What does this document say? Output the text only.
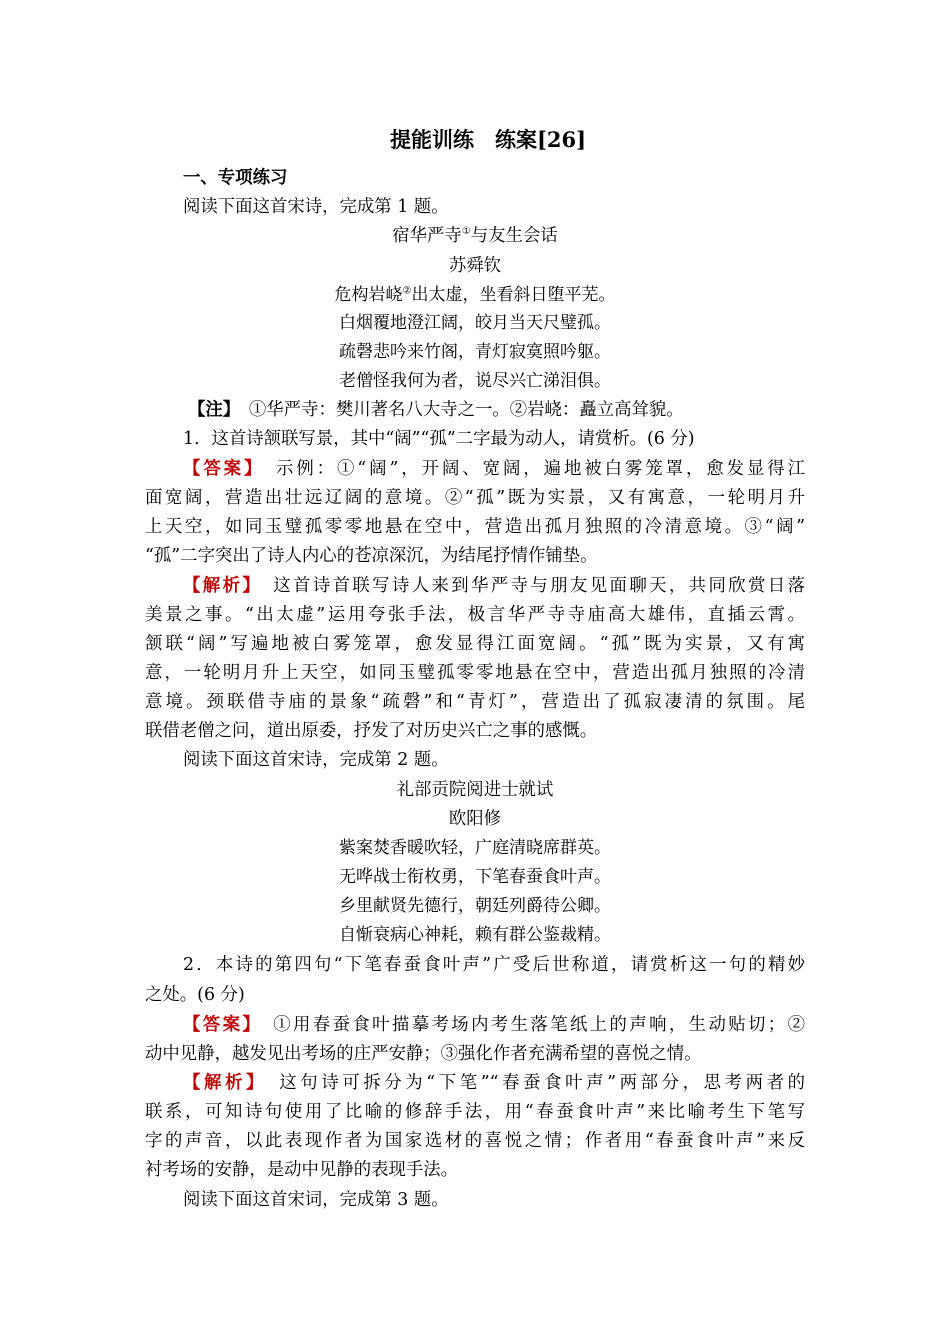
提能训练　练案[26]
一、专项练习
阅读下面这首宋诗，完成第 1 题。
宿华严寺①与友生会话
苏舜钦
危构岩峣②出太虚，坐看斜日堕平芜。
白烟覆地澄江阔，皎月当天尺璧孤。
疏磬悲吟来竹阁，青灯寂寞照吟躯。
老僧怪我何为者，说尽兴亡涕泪俱。
【注】　 ①华严寺：樊川著名八大寺之一。②岩峣：矗立高耸貌。
1．这首诗颔联写景，其中“阔”“孤”二字最为动人，请赏析。(6 分)
【答案】　 示例：①“阔”，开阔、宽阔，遍地被白雾笼罩，愈发显得江
面宽阔，营造出壮远辽阔的意境。②“孤”既为实景，又有寓意，一轮明月升
上天空，如同玉璧孤零零地悬在空中，营造出孤月独照的冷清意境。③“阔”
“孤”二字突出了诗人内心的苍凉深沉，为结尾抒情作铺垫。
【解析】　 这首诗首联写诗人来到华严寺与朋友见面聊天，共同欣赏日落
美景之事。“出太虚”运用夸张手法，极言华严寺寺庙高大雄伟，直插云霄。
颔联“阔”写遍地被白雾笼罩，愈发显得江面宽阔。“孤”既为实景，又有寓
意，一轮明月升上天空，如同玉璧孤零零地悬在空中，营造出孤月独照的冷清
意境。颈联借寺庙的景象“疏磬”和“青灯”，营造出了孤寂凄清的氛围。尾
联借老僧之问，道出原委，抒发了对历史兴亡之事的感慨。
阅读下面这首宋诗，完成第 2 题。
礼部贡院阅进士就试
欧阳修
紫案焚香暖吹轻，广庭清晓席群英。
无哗战士衔枚勇，下笔春蚕食叶声。
乡里献贤先德行，朝廷列爵待公卿。
自惭衰病心神耗，赖有群公鉴裁精。
2．本诗的第四句“下笔春蚕食叶声”广受后世称道，请赏析这一句的精妙
之处。(6 分)
【答案】　 ①用春蚕食叶描摹考场内考生落笔纸上的声响，生动贴切；②
动中见静，越发见出考场的庄严安静；③强化作者充满希望的喜悦之情。
【解析】　 这句诗可拆分为“下笔”“春蚕食叶声”两部分，思考两者的
联系，可知诗句使用了比喻的修辞手法，用“春蚕食叶声”来比喻考生下笔写
字的声音，以此表现作者为国家选材的喜悦之情；作者用“春蚕食叶声”来反
衬考场的安静，是动中见静的表现手法。
阅读下面这首宋词，完成第 3 题。
